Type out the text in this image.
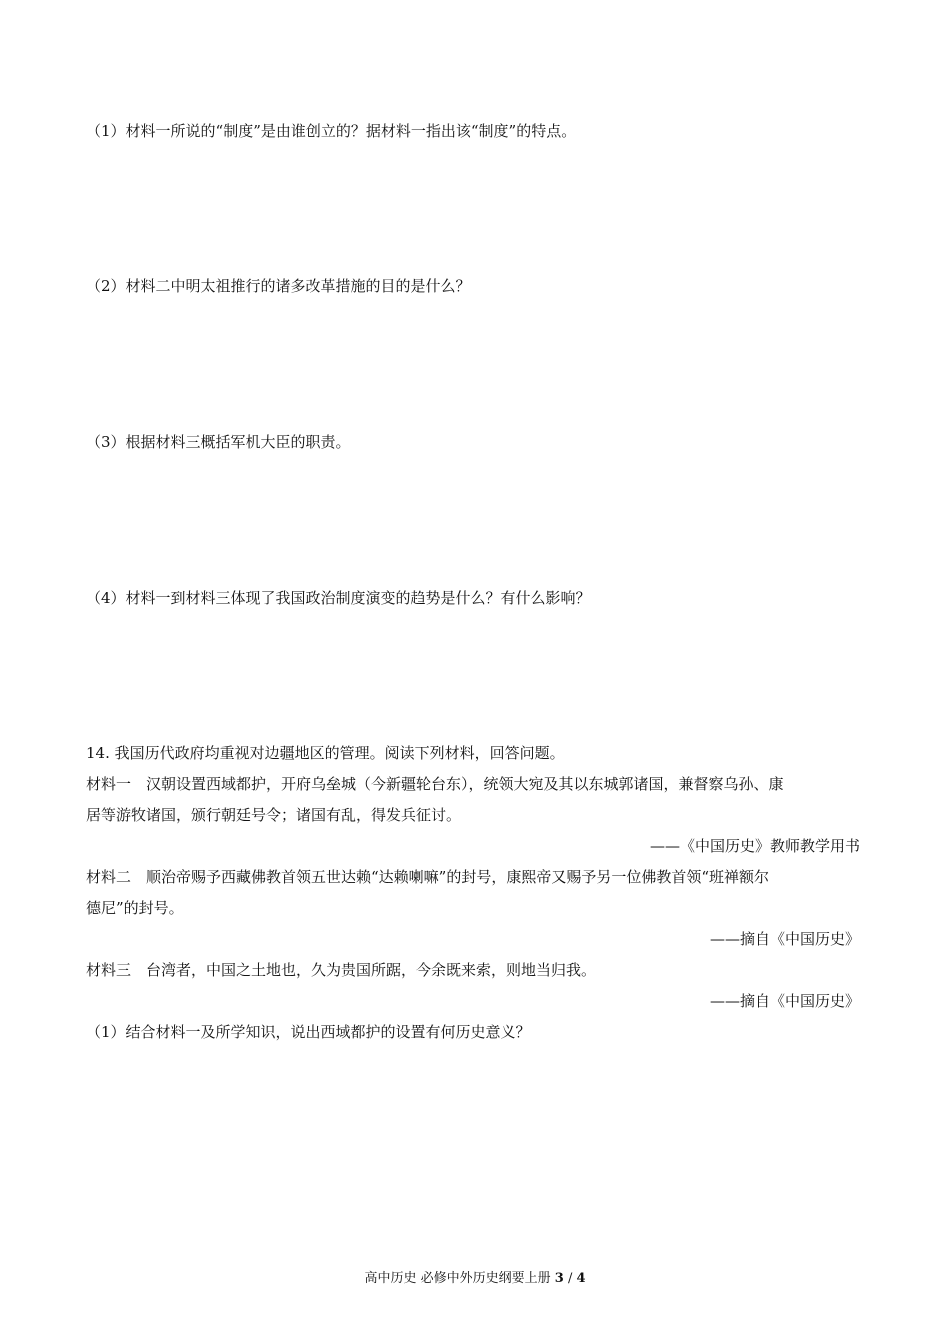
（1）材料一所说的“制度”是由谁创立的？据材料一指出该“制度”的特点。
（2）材料二中明太祖推行的诸多改革措施的目的是什么？
（3）根据材料三概括军机大臣的职责。
（4）材料一到材料三体现了我国政治制度演变的趋势是什么？有什么影响？
14. 我国历代政府均重视对边疆地区的管理。阅读下列材料，回答问题。
材料一　汉朝设置西域都护，开府乌垒城（今新疆轮台东），统领大宛及其以东城郭诸国，兼督察乌孙、康
居等游牧诸国，颁行朝廷号令；诸国有乱，得发兵征讨。
——《中国历史》教师教学用书
材料二　顺治帝赐予西藏佛教首领五世达赖“达赖喇嘛”的封号，康熙帝又赐予另一位佛教首领“班禅额尔
德尼”的封号。
——摘自《中国历史》
材料三　台湾者，中国之土地也，久为贵国所踞，今余既来索，则地当归我。
——摘自《中国历史》
（1）结合材料一及所学知识，说出西域都护的设置有何历史意义？
高中历史 必修中外历史纲要上册 3 / 4
